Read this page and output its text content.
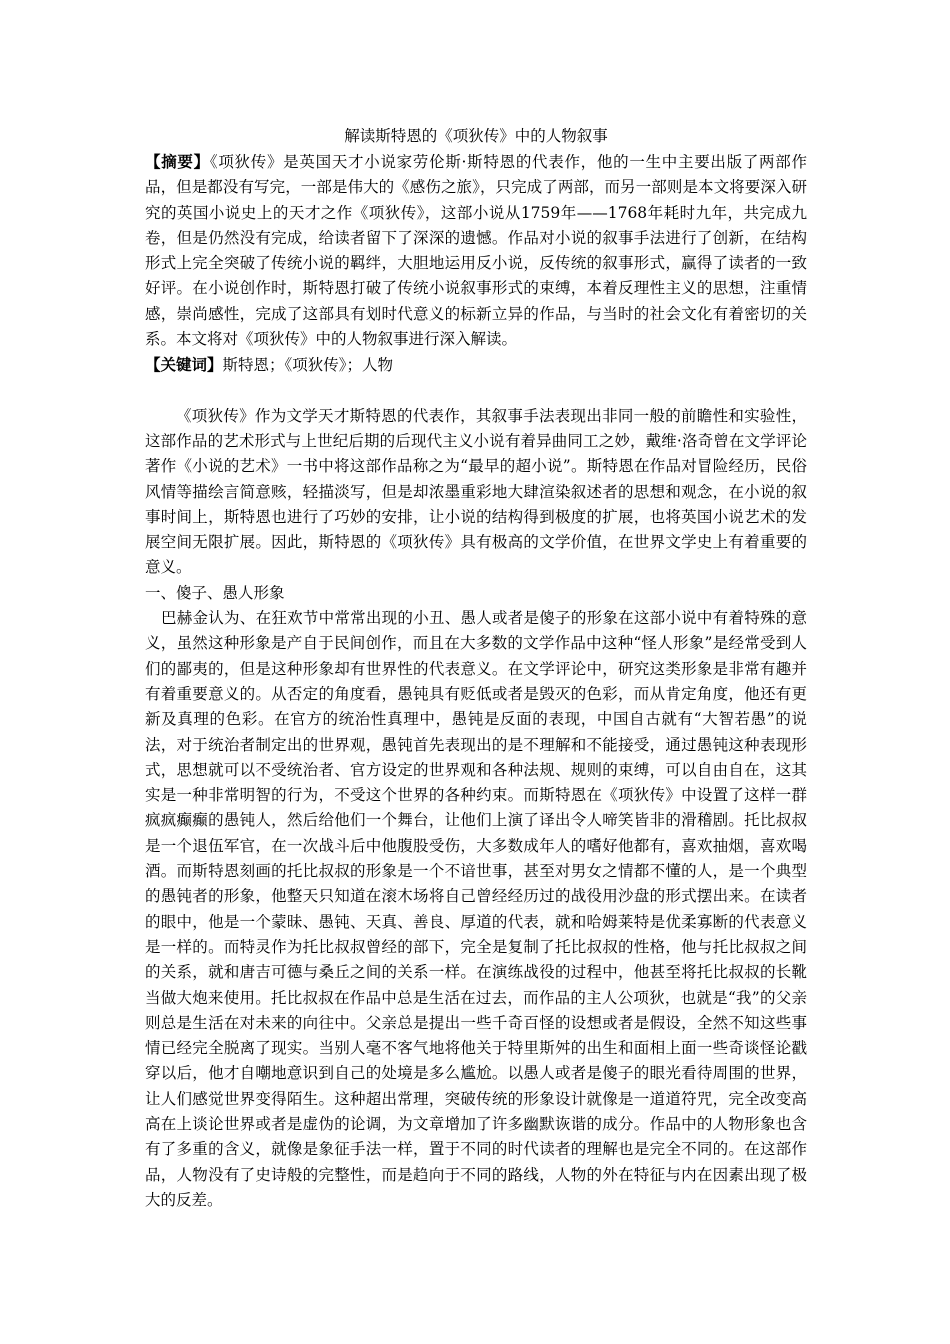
解读斯特恩的《项狄传》中的人物叙事

【摘要】《项狄传》是英国天才小说家劳伦斯·斯特恩的代表作，他的一生中主要出版了两部作品，但是都没有写完，一部是伟大的《感伤之旅》，只完成了两部，而另一部则是本文将要深入研究的英国小说史上的天才之作《项狄传》，这部小说从1759年——1768年耗时九年，共完成九卷，但是仍然没有完成，给读者留下了深深的遗憾。作品对小说的叙事手法进行了创新，在结构形式上完全突破了传统小说的羁绊，大胆地运用反小说，反传统的叙事形式，赢得了读者的一致好评。在小说创作时，斯特恩打破了传统小说叙事形式的束缚，本着反理性主义的思想，注重情感，崇尚感性，完成了这部具有划时代意义的标新立异的作品，与当时的社会文化有着密切的关系。本文将对《项狄传》中的人物叙事进行深入解读。

【关键词】斯特恩；《项狄传》；人物

《项狄传》作为文学天才斯特恩的代表作，其叙事手法表现出非同一般的前瞻性和实验性，这部作品的艺术形式与上世纪后期的后现代主义小说有着异曲同工之妙，戴维·洛奇曾在文学评论著作《小说的艺术》一书中将这部作品称之为“最早的超小说”。斯特恩在作品对冒险经历，民俗风情等描绘言简意赅，轻描淡写，但是却浓墨重彩地大肆渲染叙述者的思想和观念，在小说的叙事时间上，斯特恩也进行了巧妙的安排，让小说的结构得到极度的扩展，也将英国小说艺术的发展空间无限扩展。因此，斯特恩的《项狄传》具有极高的文学价值，在世界文学史上有着重要的意义。

一、傻子、愚人形象

巴赫金认为、在狂欢节中常常出现的小丑、愚人或者是傻子的形象在这部小说中有着特殊的意义，虽然这种形象是产自于民间创作，而且在大多数的文学作品中这种“怪人形象”是经常受到人们的鄙夷的，但是这种形象却有世界性的代表意义。在文学评论中，研究这类形象是非常有趣并有着重要意义的。从否定的角度看，愚钝具有贬低或者是毁灭的色彩，而从肯定角度，他还有更新及真理的色彩。在官方的统治性真理中，愚钝是反面的表现，中国自古就有“大智若愚”的说法，对于统治者制定出的世界观，愚钝首先表现出的是不理解和不能接受，通过愚钝这种表现形式，思想就可以不受统治者、官方设定的世界观和各种法规、规则的束缚，可以自由自在，这其实是一种非常明智的行为，不受这个世界的各种约束。而斯特恩在《项狄传》中设置了这样一群疯疯癫癫的愚钝人，然后给他们一个舞台，让他们上演了译出令人啼笑皆非的滑稽剧。托比叔叔是一个退伍军官，在一次战斗后中他腹股受伤，大多数成年人的嗜好他都有，喜欢抽烟，喜欢喝酒。而斯特恩刻画的托比叔叔的形象是一个不谙世事，甚至对男女之情都不懂的人，是一个典型的愚钝者的形象，他整天只知道在滚木场将自己曾经经历过的战役用沙盘的形式摆出来。在读者的眼中，他是一个蒙昧、愚钝、天真、善良、厚道的代表，就和哈姆莱特是优柔寡断的代表意义是一样的。而特灵作为托比叔叔曾经的部下，完全是复制了托比叔叔的性格，他与托比叔叔之间的关系，就和唐吉可德与桑丘之间的关系一样。在演练战役的过程中，他甚至将托比叔叔的长靴当做大炮来使用。托比叔叔在作品中总是生活在过去，而作品的主人公项狄，也就是“我”的父亲则总是生活在对未来的向往中。父亲总是提出一些千奇百怪的设想或者是假设，全然不知这些事情已经完全脱离了现实。当别人毫不客气地将他关于特里斯舛的出生和面相上面一些奇谈怪论戳穿以后，他才自嘲地意识到自己的处境是多么尴尬。以愚人或者是傻子的眼光看待周围的世界，让人们感觉世界变得陌生。这种超出常理，突破传统的形象设计就像是一道道符咒，完全改变高高在上谈论世界或者是虚伪的论调，为文章增加了许多幽默诙谐的成分。作品中的人物形象也含有了多重的含义，就像是象征手法一样，置于不同的时代读者的理解也是完全不同的。在这部作品，人物没有了史诗般的完整性，而是趋向于不同的路线，人物的外在特征与内在因素出现了极大的反差。
